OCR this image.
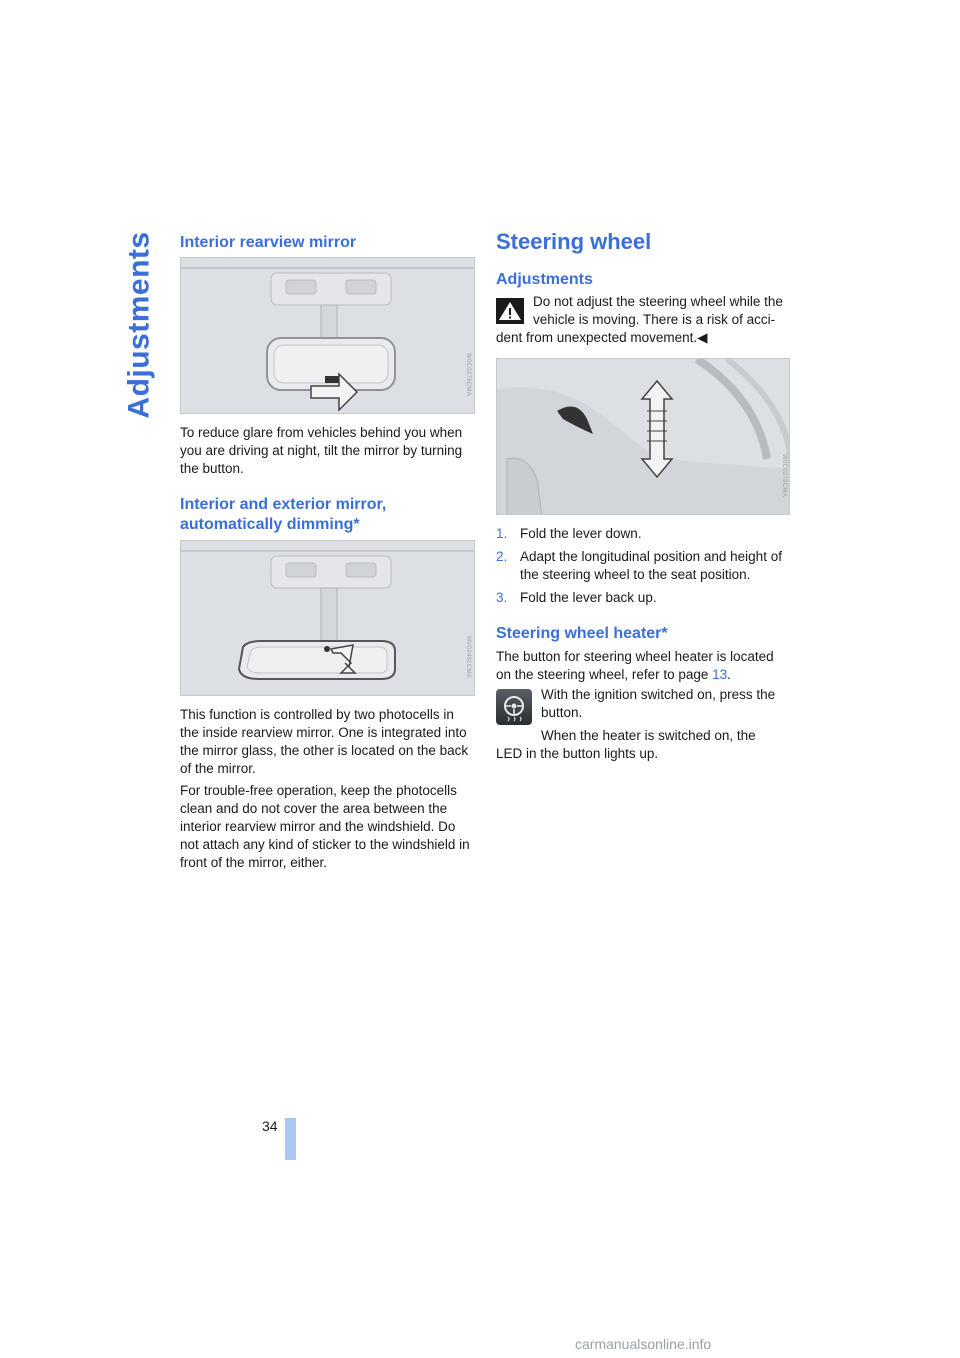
Adjustments Interior rearview mirror
W0C0278CMA
To reduce glare from vehicles behind you when you are driving at night, tilt the mirror by turning the button.
Interior and exterior mirror,
automatically dimming*
MV02481CMA
This function is controlled by two photocells in the inside rearview mirror. One is integrated into the mirror glass, the other is located on the back of the mirror.
For trouble-free operation, keep the photocells clean and do not cover the area between the interior rearview mirror and the windshield. Do not attach any kind of sticker to the windshield in front of the mirror, either.
Steering wheel
Adjustments
Do not adjust the steering wheel while the
vehicle is moving. There is a risk of acci-
dent from unexpected movement.◀
W0C0278CMA
1. Fold the lever down.
2. Adapt the longitudinal position and height of the steering wheel to the seat position.
3. Fold the lever back up.
Steering wheel heater*
The button for steering wheel heater is located
on the steering wheel, refer to page 13.
With the ignition switched on, press the
button.
When the heater is switched on, the
LED in the button lights up.
34
carmanualsonline.info
